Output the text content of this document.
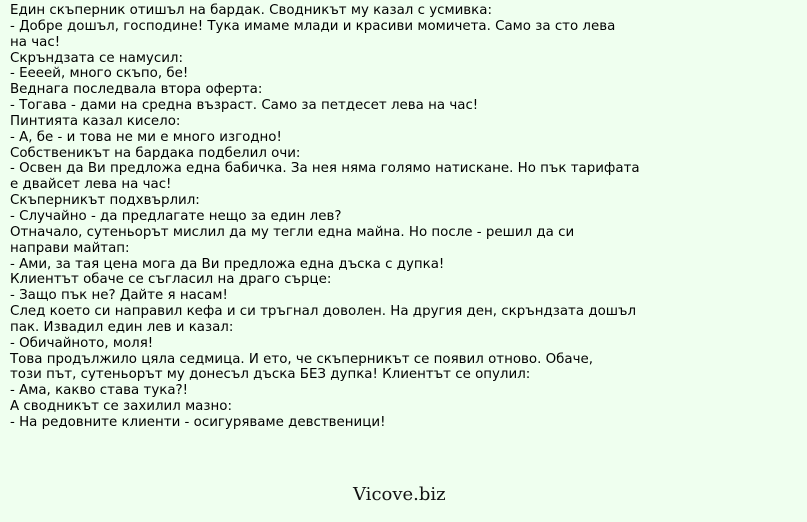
Един скъперник отишъл на бардак. Сводникът му казал с усмивка:
- Добре дошъл, господине! Тука имаме млади и красиви момичета. Само за сто лева
на час!
Скръндзата се намусил:
- Еееей, много скъпо, бе!
Веднага последвала втора оферта:
- Тогава - дами на средна възраст. Само за петдесет лева на час!
Пинтията казал кисело:
- А, бе - и това не ми е много изгодно!
Собственикът на бардака подбелил очи:
- Освен да Ви предложа една бабичка. За нея няма голямо натискане. Но пък тарифата
е двайсет лева на час!
Скъперникът подхвърлил:
- Случайно - да предлагате нещо за един лев?
Отначало, сутеньорът мислил да му тегли една майна. Но после - решил да си
направи майтап:
- Ами, за тая цена мога да Ви предложа една дъска с дупка!
Клиентът обаче се съгласил на драго сърце:
- Защо пък не? Дайте я насам!
След което си направил кефа и си тръгнал доволен. На другия ден, скръндзата дошъл
пак. Извадил един лев и казал:
- Обичайното, моля!
Това продължило цяла седмица. И ето, че скъперникът се появил отново. Обаче,
този път, сутеньорът му донесъл дъска БЕЗ дупка! Клиентът се опулил:
- Ама, какво става тука?!
А сводникът се захилил мазно:
- На редовните клиенти - осигуряваме девственици!
Vicove.biz
